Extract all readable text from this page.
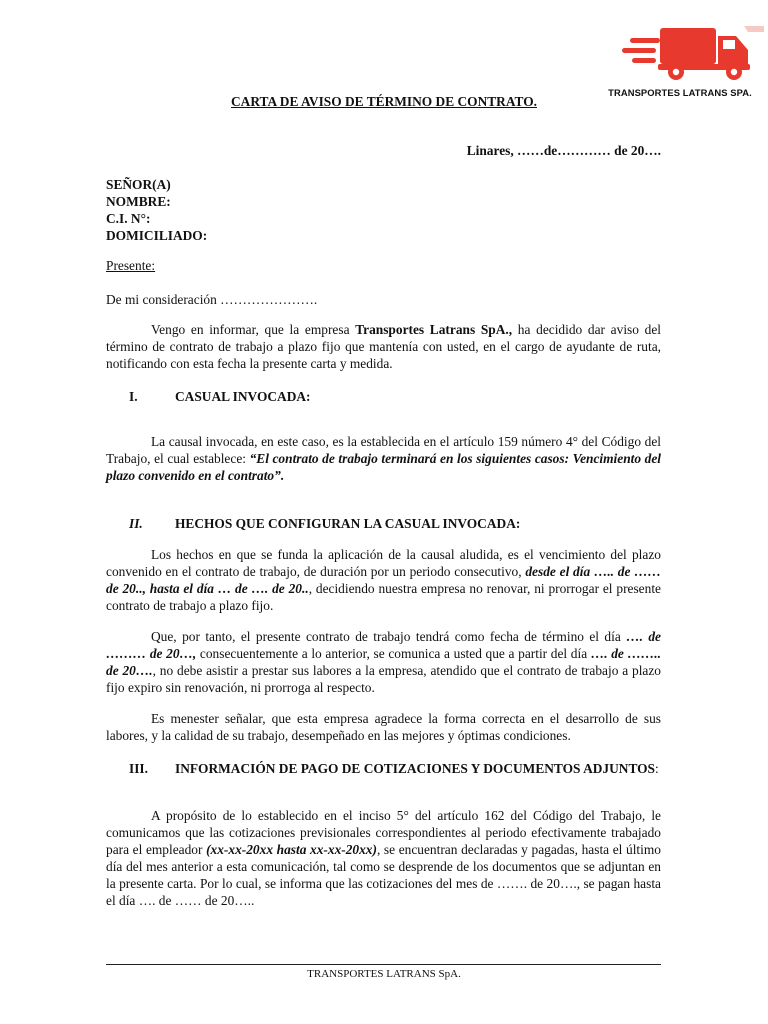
TRANSPORTES LATRANS SPA.
CARTA DE AVISO DE TÉRMINO DE CONTRATO.
Linares, ……de………… de 20….
SEÑOR(A)
NOMBRE:
C.I. N°:
DOMICILIADO:
Presente:
De mi consideración ………………….
Vengo en informar, que la empresa Transportes Latrans SpA., ha decidido dar aviso del término de contrato de trabajo a plazo fijo que mantenía con usted, en el cargo de ayudante de ruta, notificando con esta fecha la presente carta y medida.
I.	CASUAL INVOCADA:
La causal invocada, en este caso, es la establecida en el artículo 159 número 4° del Código del Trabajo, el cual establece: “El contrato de trabajo terminará en los siguientes casos: Vencimiento del plazo convenido en el contrato”.
II. HECHOS QUE CONFIGURAN LA CASUAL INVOCADA:
Los hechos en que se funda la aplicación de la causal aludida, es el vencimiento del plazo convenido en el contrato de trabajo, de duración por un periodo consecutivo, desde el día ….. de …… de 20.., hasta el día … de …. de 20.., decidiendo nuestra empresa no renovar, ni prorrogar el presente contrato de trabajo a plazo fijo.
Que, por tanto, el presente contrato de trabajo tendrá como fecha de término el día …. de ……… de 20…, consecuentemente a lo anterior, se comunica a usted que a partir del día …. de …….. de 20…., no debe asistir a prestar sus labores a la empresa, atendido que el contrato de trabajo a plazo fijo expiro sin renovación, ni prorroga al respecto.
Es menester señalar, que esta empresa agradece la forma correcta en el desarrollo de sus labores, y la calidad de su trabajo, desempeñado en las mejores y óptimas condiciones.
III. INFORMACIÓN DE PAGO DE COTIZACIONES Y DOCUMENTOS ADJUNTOS:
A propósito de lo establecido en el inciso 5° del artículo 162 del Código del Trabajo, le comunicamos que las cotizaciones previsionales correspondientes al periodo efectivamente trabajado para el empleador (xx-xx-20xx hasta xx-xx-20xx), se encuentran declaradas y pagadas, hasta el último día del mes anterior a esta comunicación, tal como se desprende de los documentos que se adjuntan en la presente carta. Por lo cual, se informa que las cotizaciones del mes de ……. de 20…., se pagan hasta el día …. de …… de 20…..
TRANSPORTES LATRANS SpA.
